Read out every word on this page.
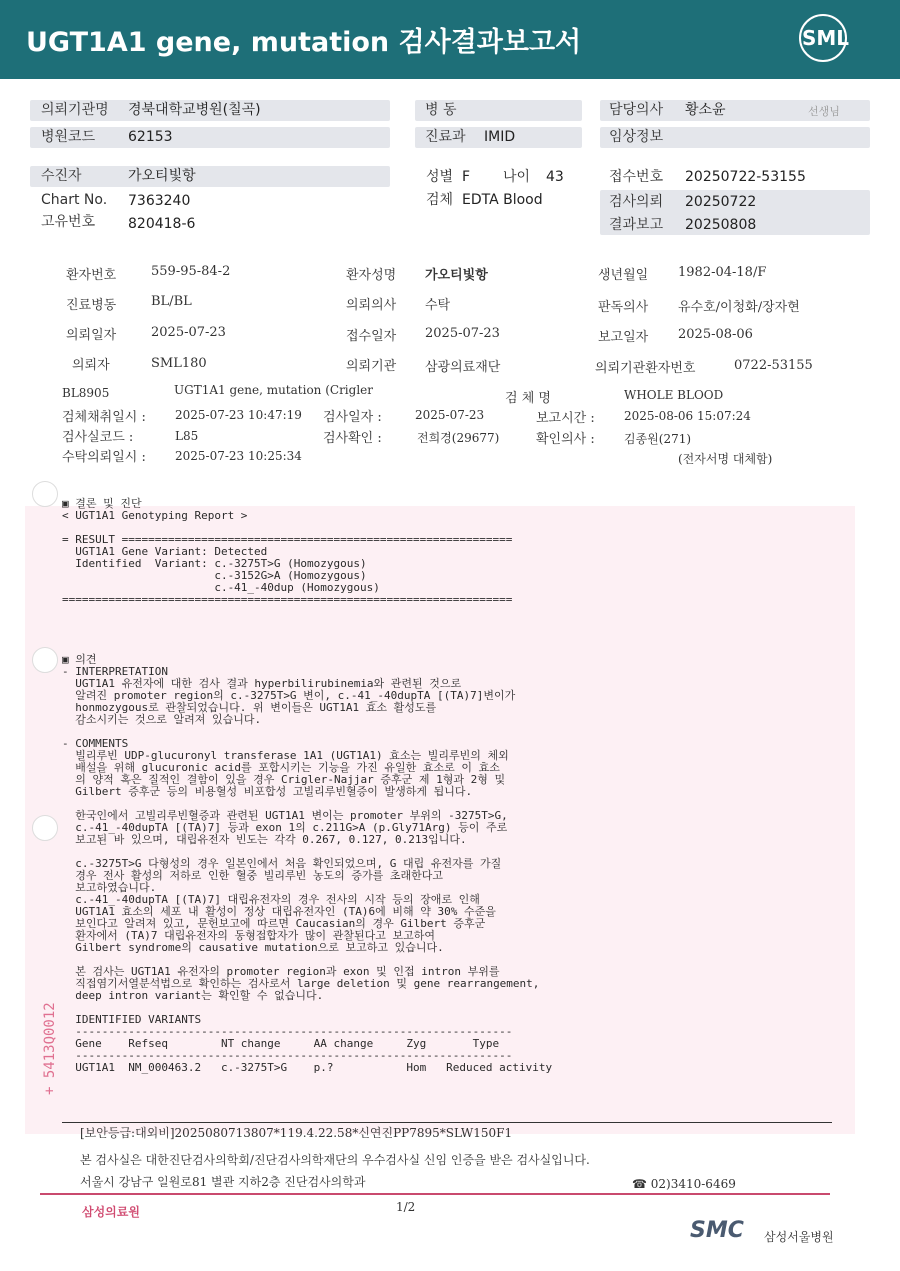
UGT1A1 gene, mutation 검사결과보고서	SML
의뢰기관명 경북대학교병원(칠곡)
병원코드 62153
병 동
진료과 IMID
담당의사 황소윤	선생님
임상정보
수진자	가오티빛항
Chart No. 7363240
고유번호 820418-6
성별 F 나이 43
검체 EDTA Blood
접수번호 20250722-53155
검사의뢰 20250722
결과보고 20250808
환자번호	559-95-84-2	환자성명 가오티빛항	생년월일 1982-04-18/F
진료병동	BL/BL	의뢰의사 수탁	판독의사 유수호/이청화/장자현
의뢰일자	2025-07-23	접수일자 2025-07-23	보고일자 2025-08-06
의뢰자	SML180	의뢰기관 삼광의료재단	의뢰기관환자번호	0722-53155
BL8905	UGT1A1 gene, mutation (Crigler
검 체 명	WHOLE BLOOD
검체채취일시 : 2025-07-23 10:47:19 검사일자 :	2025-07-23	보고시간 : 2025-08-06 15:07:24
검사실코드 :	L85	검사확인 :	전희경(29677)	확인의사 : 김종원(271)
수탁의뢰일시 : 2025-07-23 10:25:34	(전자서명 대체함)
▣ 결론 및 진단
< UGT1A1 Genotyping Report >

= RESULT ===========================================================
UGT1A1 Gene Variant: Detected
Identified  Variant: c.-3275T>G (Homozygous)
c.-3152G>A (Homozygous)
c.-41_-40dup (Homozygous)
====================================================================

▣ 의견
- INTERPRETATION
UGT1A1 유전자에 대한 검사 결과 hyperbilirubinemia와 관련된 것으로
알려진 promoter region의 c.-3275T>G 변이, c.-41_-40dupTA [(TA)7]변이가
honmozygous로 관찰되었습니다. 위 변이들은 UGT1A1 효소 활성도를
감소시키는 것으로 알려져 있습니다.

- COMMENTS
빌리루빈 UDP-glucuronyl transferase 1A1 (UGT1A1) 효소는 빌리루빈의 체외
배설을 위해 glucuronic acid를 포합시키는 기능을 가진 유일한 효소로 이 효소
의 양적 혹은 질적인 결함이 있을 경우 Crigler-Najjar 증후군 제 1형과 2형 및
Gilbert 증후군 등의 비용혈성 비포합성 고빌리루빈혈증이 발생하게 됩니다.

한국인에서 고빌리루빈혈증과 관련된 UGT1A1 변이는 promoter 부위의 -3275T>G,
c.-41_-40dupTA [(TA)7] 등과 exon 1의 c.211G>A (p.Gly71Arg) 등이 주로
보고된 바 있으며, 대립유전자 빈도는 각각 0.267, 0.127, 0.213입니다.

c.-3275T>G 다형성의 경우 일본인에서 처음 확인되었으며, G 대립 유전자를 가질
경우 전사 활성의 저하로 인한 혈중 빌리루빈 농도의 증가를 초래한다고
보고하였습니다.
c.-41_-40dupTA [(TA)7] 대립유전자의 경우 전사의 시작 등의 장애로 인해
UGT1A1 효소의 세포 내 활성이 정상 대립유전자인 (TA)6에 비해 약 30% 수준을
보인다고 알려져 있고, 문헌보고에 따르면 Caucasian의 경우 Gilbert 증후군
환자에서 (TA)7 대립유전자의 동형접합자가 많이 관찰된다고 보고하여
Gilbert syndrome의 causative mutation으로 보고하고 있습니다.

본 검사는 UGT1A1 유전자의 promoter region과 exon 및 인접 intron 부위를
직접염기서열분석법으로 확인하는 검사로서 large deletion 및 gene rearrangement,
deep intron variant는 확인할 수 없습니다.

IDENTIFIED VARIANTS
------------------------------------------------------------------
Gene    Refseq        NT change     AA change     Zyg       Type
------------------------------------------------------------------
UGT1A1  NM_000463.2   c.-3275T>G    p.?           Hom   Reduced activity
+ 5413Q0012
[보안등급:대외비]2025080713807*119.4.22.58*신연진PP7895*SLW150F1
본 검사실은 대한진단검사의학회/진단검사의학재단의 우수검사실 신임 인증을 받은 검사실입니다.
서울시 강남구 일원로81 별관 지하2층 진단검사의학과	☎ 02)3410-6469
삼성의료원	1/2
SMC 삼성서울병원
